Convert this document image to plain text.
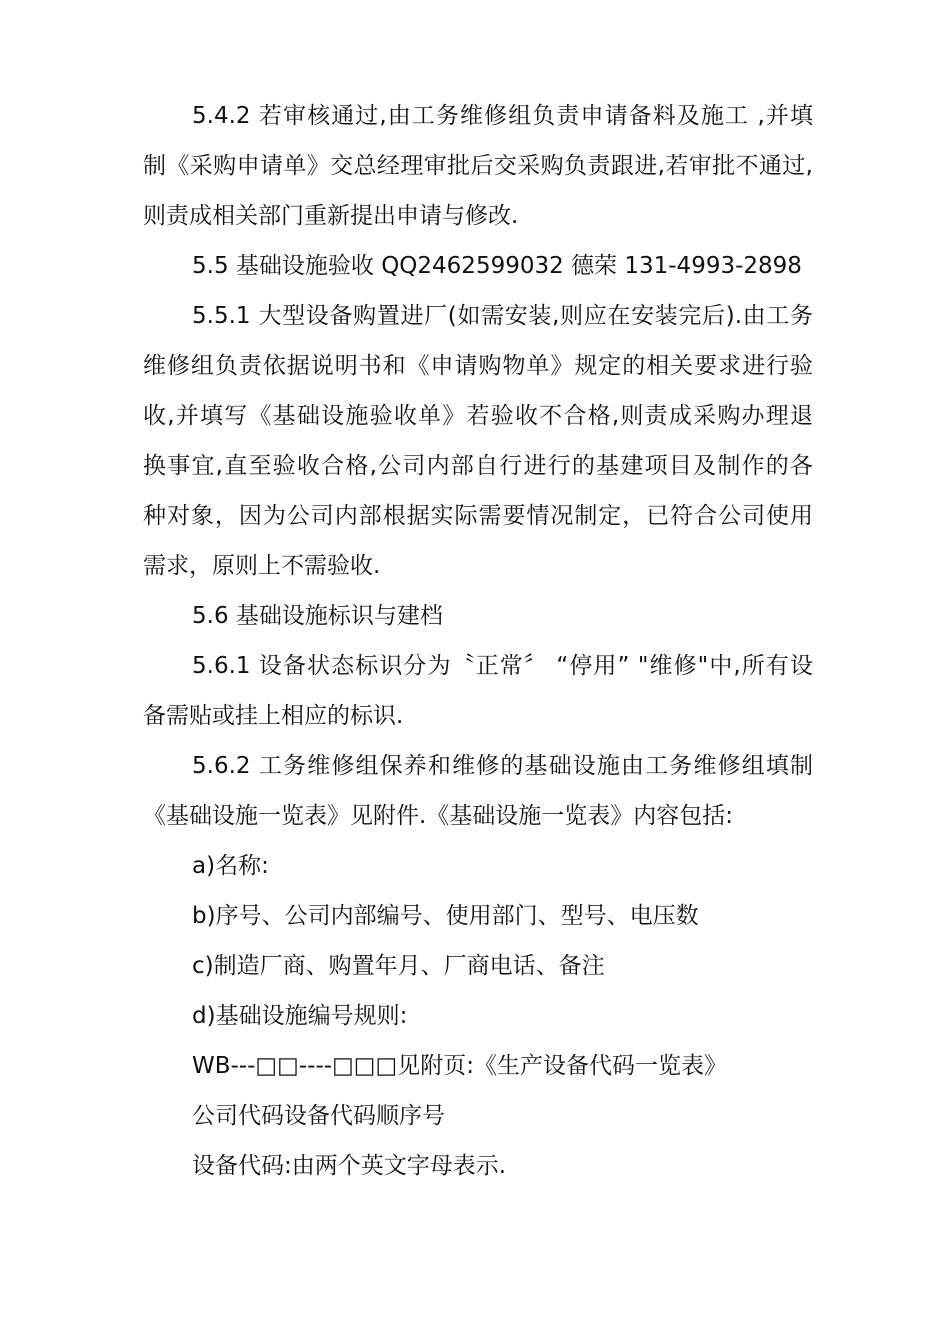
5.4.2 若审核通过,由工务维修组负责申请备料及施工 ,并填
制《采购申请单》交总经理审批后交采购负责跟进,若审批不通过,
则责成相关部门重新提出申请与修改.
5.5 基础设施验收 QQ2462599032 德荣 131-4993-2898
5.5.1 大型设备购置进厂(如需安装,则应在安装完后).由工务
维修组负责依据说明书和《申请购物单》规定的相关要求进行验
收,并填写《基础设施验收单》若验收不合格,则责成采购办理退
换事宜,直至验收合格,公司内部自行进行的基建项目及制作的各
种对象，因为公司内部根据实际需要情况制定，已符合公司使用
需求，原则上不需验收.
5.6 基础设施标识与建档
5.6.1 设备状态标识分为〝正常〞 “停用” "维修"中,所有设
备需贴或挂上相应的标识.
5.6.2 工务维修组保养和维修的基础设施由工务维修组填制
《基础设施一览表》见附件.《基础设施一览表》内容包括:
a)名称:
b)序号、公司内部编号、使用部门、型号、电压数
c)制造厂商、购置年月、厂商电话、备注
d)基础设施编号规则:
WB---□□----□□□见附页:《生产设备代码一览表》
公司代码设备代码顺序号
设备代码:由两个英文字母表示.
